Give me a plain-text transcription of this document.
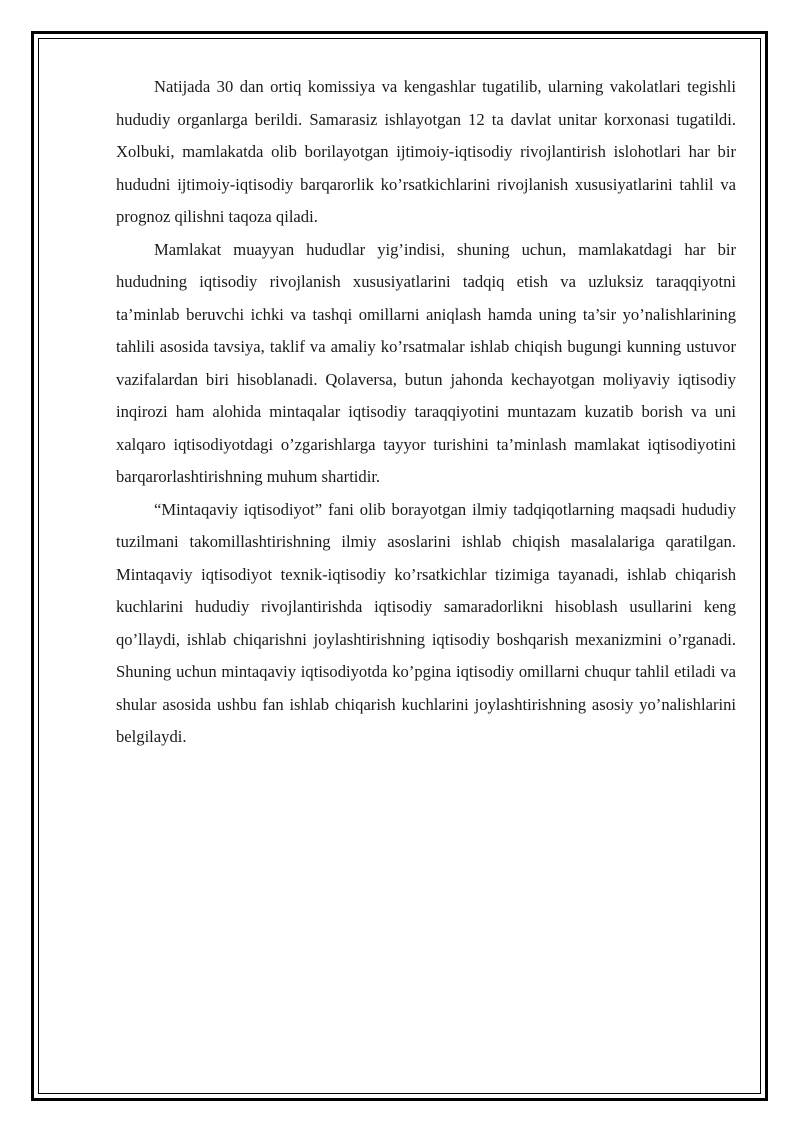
Natijada 30 dan ortiq komissiya va kengashlar tugatilib, ularning vakolatlari tegishli hududiy organlarga berildi. Samarasiz ishlayotgan 12 ta davlat unitar korxonasi tugatildi. Xolbuki, mamlakatda olib borilayotgan ijtimoiy-iqtisodiy rivojlantirish islohotlari har bir hududni ijtimoiy-iqtisodiy barqarorlik ko’rsatkichlarini rivojlanish xususiyatlarini tahlil va prognoz qilishni taqoza qiladi.

Mamlakat muayyan hududlar yig’indisi, shuning uchun, mamlakatdagi har bir hududning iqtisodiy rivojlanish xususiyatlarini tadqiq etish va uzluksiz taraqqiyotni ta’minlab beruvchi ichki va tashqi omillarni aniqlash hamda uning ta’sir yo’nalishlarining tahlili asosida tavsiya, taklif va amaliy ko’rsatmalar ishlab chiqish bugungi kunning ustuvor vazifalardan biri hisoblanadi. Qolaversa, butun jahonda kechayotgan moliyaviy iqtisodiy inqirozi ham alohida mintaqalar iqtisodiy taraqqiyotini muntazam kuzatib borish va uni xalqaro iqtisodiyotdagi o’zgarishlarga tayyor turishini ta’minlash mamlakat iqtisodiyotini barqarorlashtirishning muhum shartidir.

“Mintaqaviy iqtisodiyot” fani olib borayotgan ilmiy tadqiqotlarning maqsadi hududiy tuzilmani takomillashtirishning ilmiy asoslarini ishlab chiqish masalalariga qaratilgan. Mintaqaviy iqtisodiyot texnik-iqtisodiy ko’rsatkichlar tizimiga tayanadi, ishlab chiqarish kuchlarini hududiy rivojlantirishda iqtisodiy samaradorlikni hisoblash usullarini keng qo’llaydi, ishlab chiqarishni joylashtirishning iqtisodiy boshqarish mexanizmini o’rganadi. Shuning uchun mintaqaviy iqtisodiyotda ko’pgina iqtisodiy omillarni chuqur tahlil etiladi va shular asosida ushbu fan ishlab chiqarish kuchlarini joylashtirishning asosiy yo’nalishlarini belgilaydi.
